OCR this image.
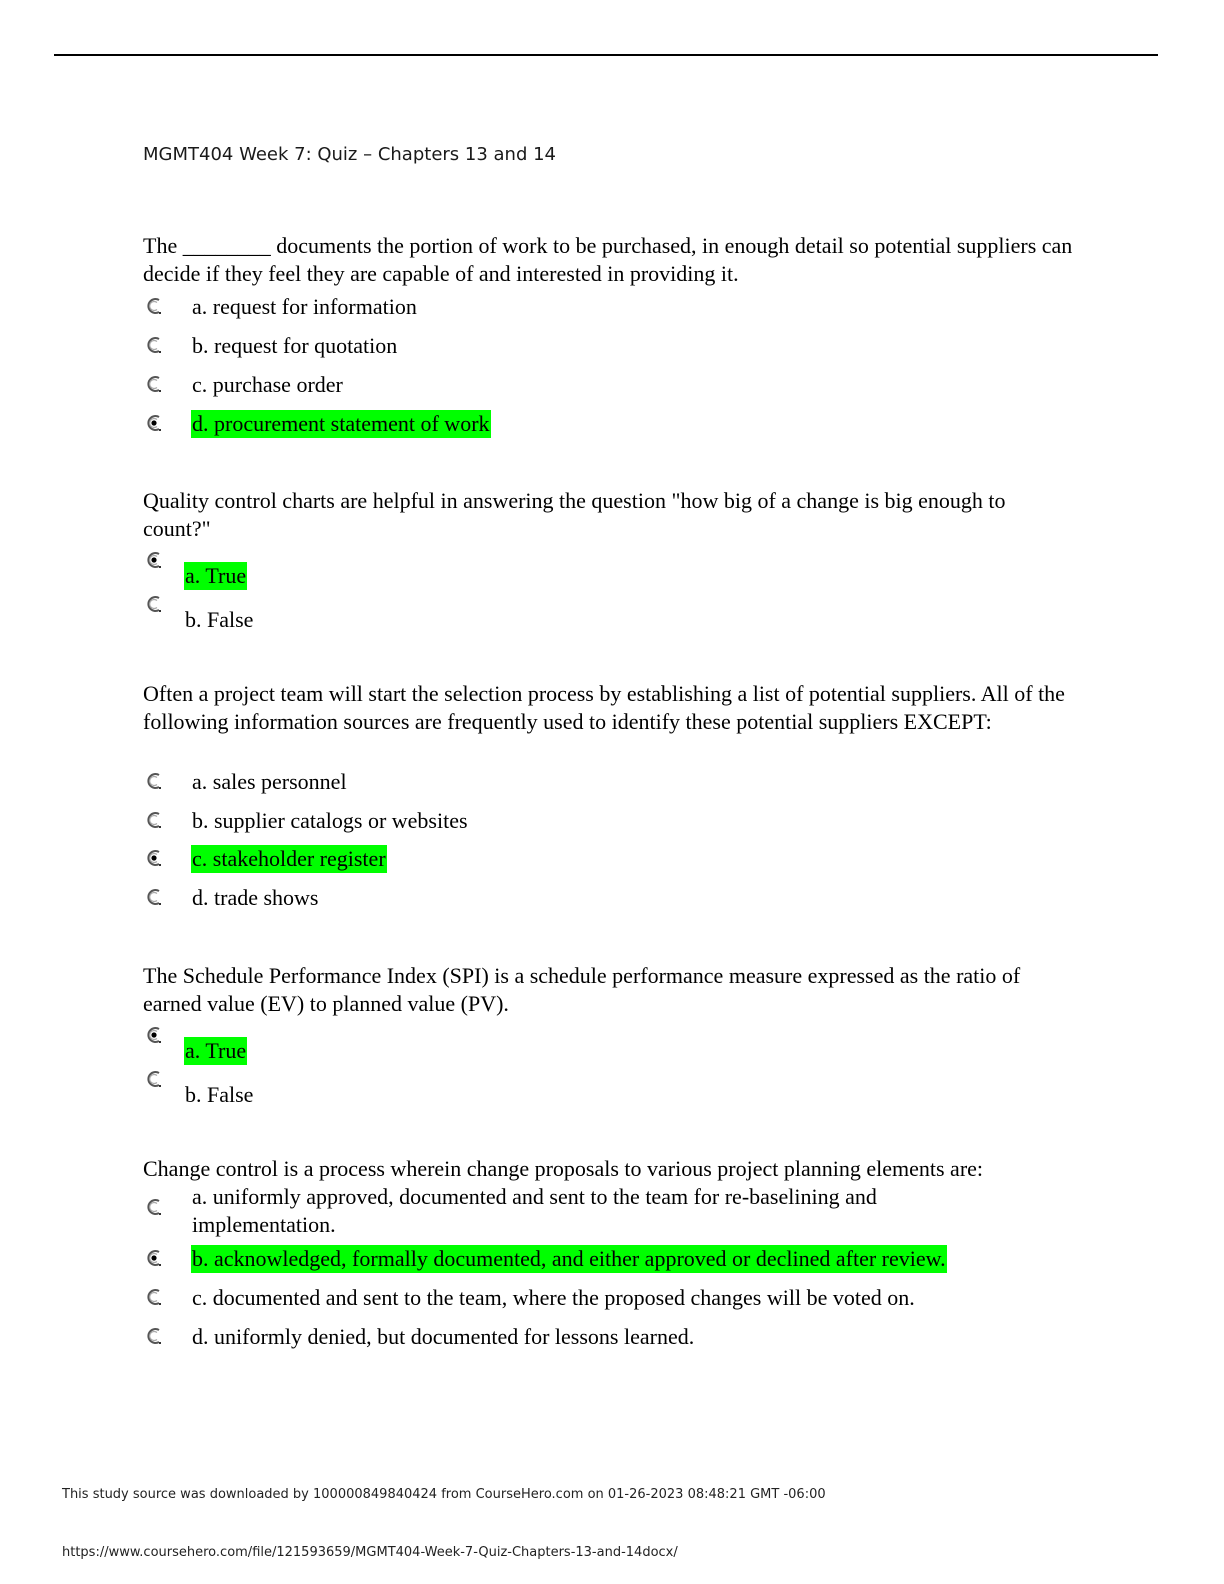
MGMT404 Week 7: Quiz – Chapters 13 and 14
The ________ documents the portion of work to be purchased, in enough detail so potential suppliers can decide if they feel they are capable of and interested in providing it.
a. request for information
b. request for quotation
c. purchase order
d. procurement statement of work
Quality control charts are helpful in answering the question "how big of a change is big enough to count?"
a. True
b. False
Often a project team will start the selection process by establishing a list of potential suppliers. All of the following information sources are frequently used to identify these potential suppliers EXCEPT:
a. sales personnel
b. supplier catalogs or websites
c. stakeholder register
d. trade shows
The Schedule Performance Index (SPI) is a schedule performance measure expressed as the ratio of earned value (EV) to planned value (PV).
a. True
b. False
Change control is a process wherein change proposals to various project planning elements are:
a. uniformly approved, documented and sent to the team for re-baselining and implementation.
b. acknowledged, formally documented, and either approved or declined after review.
c. documented and sent to the team, where the proposed changes will be voted on.
d. uniformly denied, but documented for lessons learned.
This study source was downloaded by 100000849840424 from CourseHero.com on 01-26-2023 08:48:21 GMT -06:00
https://www.coursehero.com/file/121593659/MGMT404-Week-7-Quiz-Chapters-13-and-14docx/
